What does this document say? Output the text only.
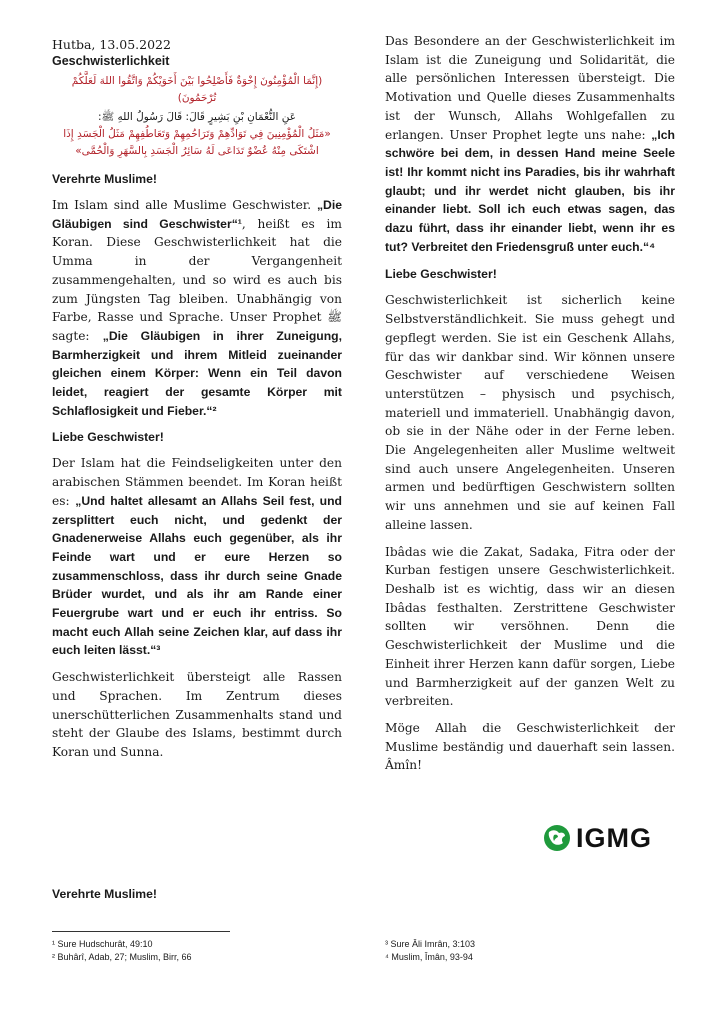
Hutba, 13.05.2022
Geschwisterlichkeit
(إِنَّمَا الْمُؤْمِنُونَ إِخْوَةٌ فَأَصْلِحُوا بَيْنَ أَخَوَيْكُمْ وَاتَّقُوا اللهَ لَعَلَّكُمْ تُرْحَمُونَ)
عَنِ النُّعْمَانِ بْنِ بَشِيرٍ قَالَ: قَالَ رَسُولُ اللهِ ﷺ:
«مَثَلُ الْمُؤْمِنِينَ فِي تَوَادِّهِمْ وَتَرَاحُمِهِمْ وَتَعَاطُفِهِمْ مَثَلُ الْجَسَدِ إِذَا
اشْتَكَى مِنْهُ عُضْوٌ تَدَاعَى لَهُ سَائِرُ الْجَسَدِ بِالسَّهَرِ وَالْحُمَّى»
Verehrte Muslime!

Im Islam sind alle Muslime Geschwister. „Die Gläubigen sind Geschwister“¹, heißt es im Koran. Diese Geschwisterlichkeit hat die Umma in der Vergangenheit zusammengehalten, und so wird es auch bis zum Jüngsten Tag bleiben. Unabhängig von Farbe, Rasse und Sprache. Unser Prophet ﷺ sagte: „Die Gläubigen in ihrer Zuneigung, Barmherzigkeit und ihrem Mitleid zueinander gleichen einem Körper: Wenn ein Teil davon leidet, reagiert der gesamte Körper mit Schlaflosigkeit und Fieber.“²

Liebe Geschwister!

Der Islam hat die Feindseligkeiten unter den arabischen Stämmen beendet. Im Koran heißt es: „Und haltet allesamt an Allahs Seil fest, und zersplittert euch nicht, und gedenkt der Gnadenerweise Allahs euch gegenüber, als ihr Feinde wart und er eure Herzen so zusammenschloss, dass ihr durch seine Gnade Brüder wurdet, und als ihr am Rande einer Feuergrube wart und er euch ihr entriss. So macht euch Allah seine Zeichen klar, auf dass ihr euch leiten lässt.“³

Geschwisterlichkeit übersteigt alle Rassen und Sprachen. Im Zentrum dieses unerschütterlichen Zusammenhalts stand und steht der Glaube des Islams, bestimmt durch Koran und Sunna.

Verehrte Muslime!

Das Besondere an der Geschwisterlichkeit im Islam ist die Zuneigung und Solidarität, die alle persönlichen Interessen übersteigt. Die Motivation und Quelle dieses Zusammenhalts ist der Wunsch, Allahs Wohlgefallen zu erlangen. Unser Prophet legte uns nahe: „Ich schwöre bei dem, in dessen Hand meine Seele ist! Ihr kommt nicht ins Paradies, bis ihr wahrhaft glaubt; und ihr werdet nicht glauben, bis ihr einander liebt. Soll ich euch etwas sagen, das dazu führt, dass ihr einander liebt, wenn ihr es tut? Verbreitet den Friedensgruß unter euch.“⁴

Liebe Geschwister!

Geschwisterlichkeit ist sicherlich keine Selbstverständlichkeit. Sie muss gehegt und gepflegt werden. Sie ist ein Geschenk Allahs, für das wir dankbar sind. Wir können unsere Geschwister auf verschiedene Weisen unterstützen – physisch und psychisch, materiell und immateriell. Unabhängig davon, ob sie in der Nähe oder in der Ferne leben. Die Angelegenheiten aller Muslime weltweit sind auch unsere Angelegenheiten. Unseren armen und bedürftigen Geschwistern sollten wir uns annehmen und sie auf keinen Fall alleine lassen.

Ibâdas wie die Zakat, Sadaka, Fitra oder der Kurban festigen unsere Geschwisterlichkeit. Deshalb ist es wichtig, dass wir an diesen Ibâdas festhalten. Zerstrittene Geschwister sollten wir versöhnen. Denn die Geschwisterlichkeit der Muslime und die Einheit ihrer Herzen kann dafür sorgen, Liebe und Barmherzigkeit auf der ganzen Welt zu verbreiten.

Möge Allah die Geschwisterlichkeit der Muslime beständig und dauerhaft sein lassen. Âmîn!

IGMG
¹ Sure Hudschurât, 49:10
² Buhârî, Adab, 27; Muslim, Birr, 66
³ Sure Âli Imrân, 3:103
⁴ Muslim, Îmân, 93-94
